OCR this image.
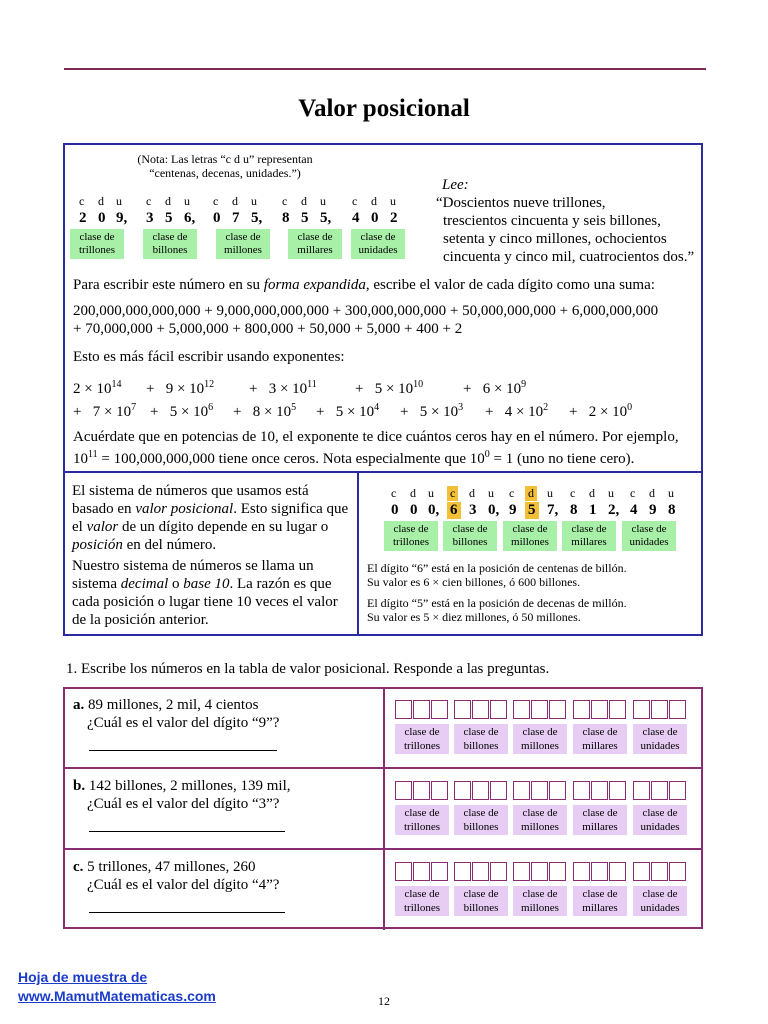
Valor posicional
(Nota: Las letras “c d u” representan
“centenas, decenas, unidades.”)
c d u c d u c d u c d u c d u
2 0 9, 3 5 6, 0 7 5, 8 5 5, 4 0 2
clase de
trillones
clase de
billones
clase de
millones
clase de
millares
clase de
unidades
Lee:
“Doscientos nueve trillones,
trescientos cincuenta y seis billones,
setenta y cinco millones, ochocientos
cincuenta y cinco mil, cuatrocientos dos.”
Para escribir este número en su forma expandida, escribe el valor de cada dígito como una suma:
200,000,000,000,000 + 9,000,000,000,000 + 300,000,000,000 + 50,000,000,000 + 6,000,000,000
+ 70,000,000 + 5,000,000 + 800,000 + 50,000 + 5,000 + 400 + 2
Esto es más fácil escribir usando exponentes:
$2 \times 10^{14} + 9 \times 10^{12} + 3 \times 10^{11}$	+   $5 \times 10^{10}$	+   $6 \times 10^9$
+   $7 \times 10^7 + 5 \times 10^6 + 8 \times 10^5 + 5 \times 10^4 + 5 \times 10^3 + 4 \times 10^2 + 2 \times 10^0$
Acuérdate que en potencias de 10, el exponente te dice cuántos ceros hay en el número. Por ejemplo,
$10^{11} = 100,000,000,000$ tiene once ceros. Nota especialmente que $10^0 = 1$ (uno no tiene cero).
El sistema de números que usamos está basado en valor posicional. Esto significa que el valor de un dígito depende en su lugar o posición en del número.
Nuestro sistema de números se llama un sistema decimal o base 10. La razón es que cada posición o lugar tiene 10 veces el valor de la posición anterior.
c d u c d u c d u c d u c d u
0 0 0, 6 3 0, 9 5 7, 8 1 2, 4 9 8
clase de
trillones
clase de
billones
clase de
millones
clase de
millares
clase de
unidades
El dígito “6” está en la posición de centenas de billón.
Su valor es 6 × cien billones, ó 600 billones.
El dígito “5” está en la posición de decenas de millón.
Su valor es 5 × diez millones, ó 50 millones.
1. Escribe los números en la tabla de valor posicional. Responde a las preguntas.
a. 89 millones, 2 mil, 4 cientos
¿Cuál es el valor del dígito “9”?
clase de
trillones
clase de
billones
clase de
millones
clase de
millares
clase de
unidades
b. 142 billones, 2 millones, 139 mil,
¿Cuál es el valor del dígito “3”?
clase de
trillones
clase de
billones
clase de
millones
clase de
millares
clase de
unidades
c. 5 trillones, 47 millones, 260
¿Cuál es el valor del dígito “4”?
clase de
trillones
clase de
billones
clase de
millones
clase de
millares
clase de
unidades
Hoja de muestra de
www.MamutMatematicas.com	12
